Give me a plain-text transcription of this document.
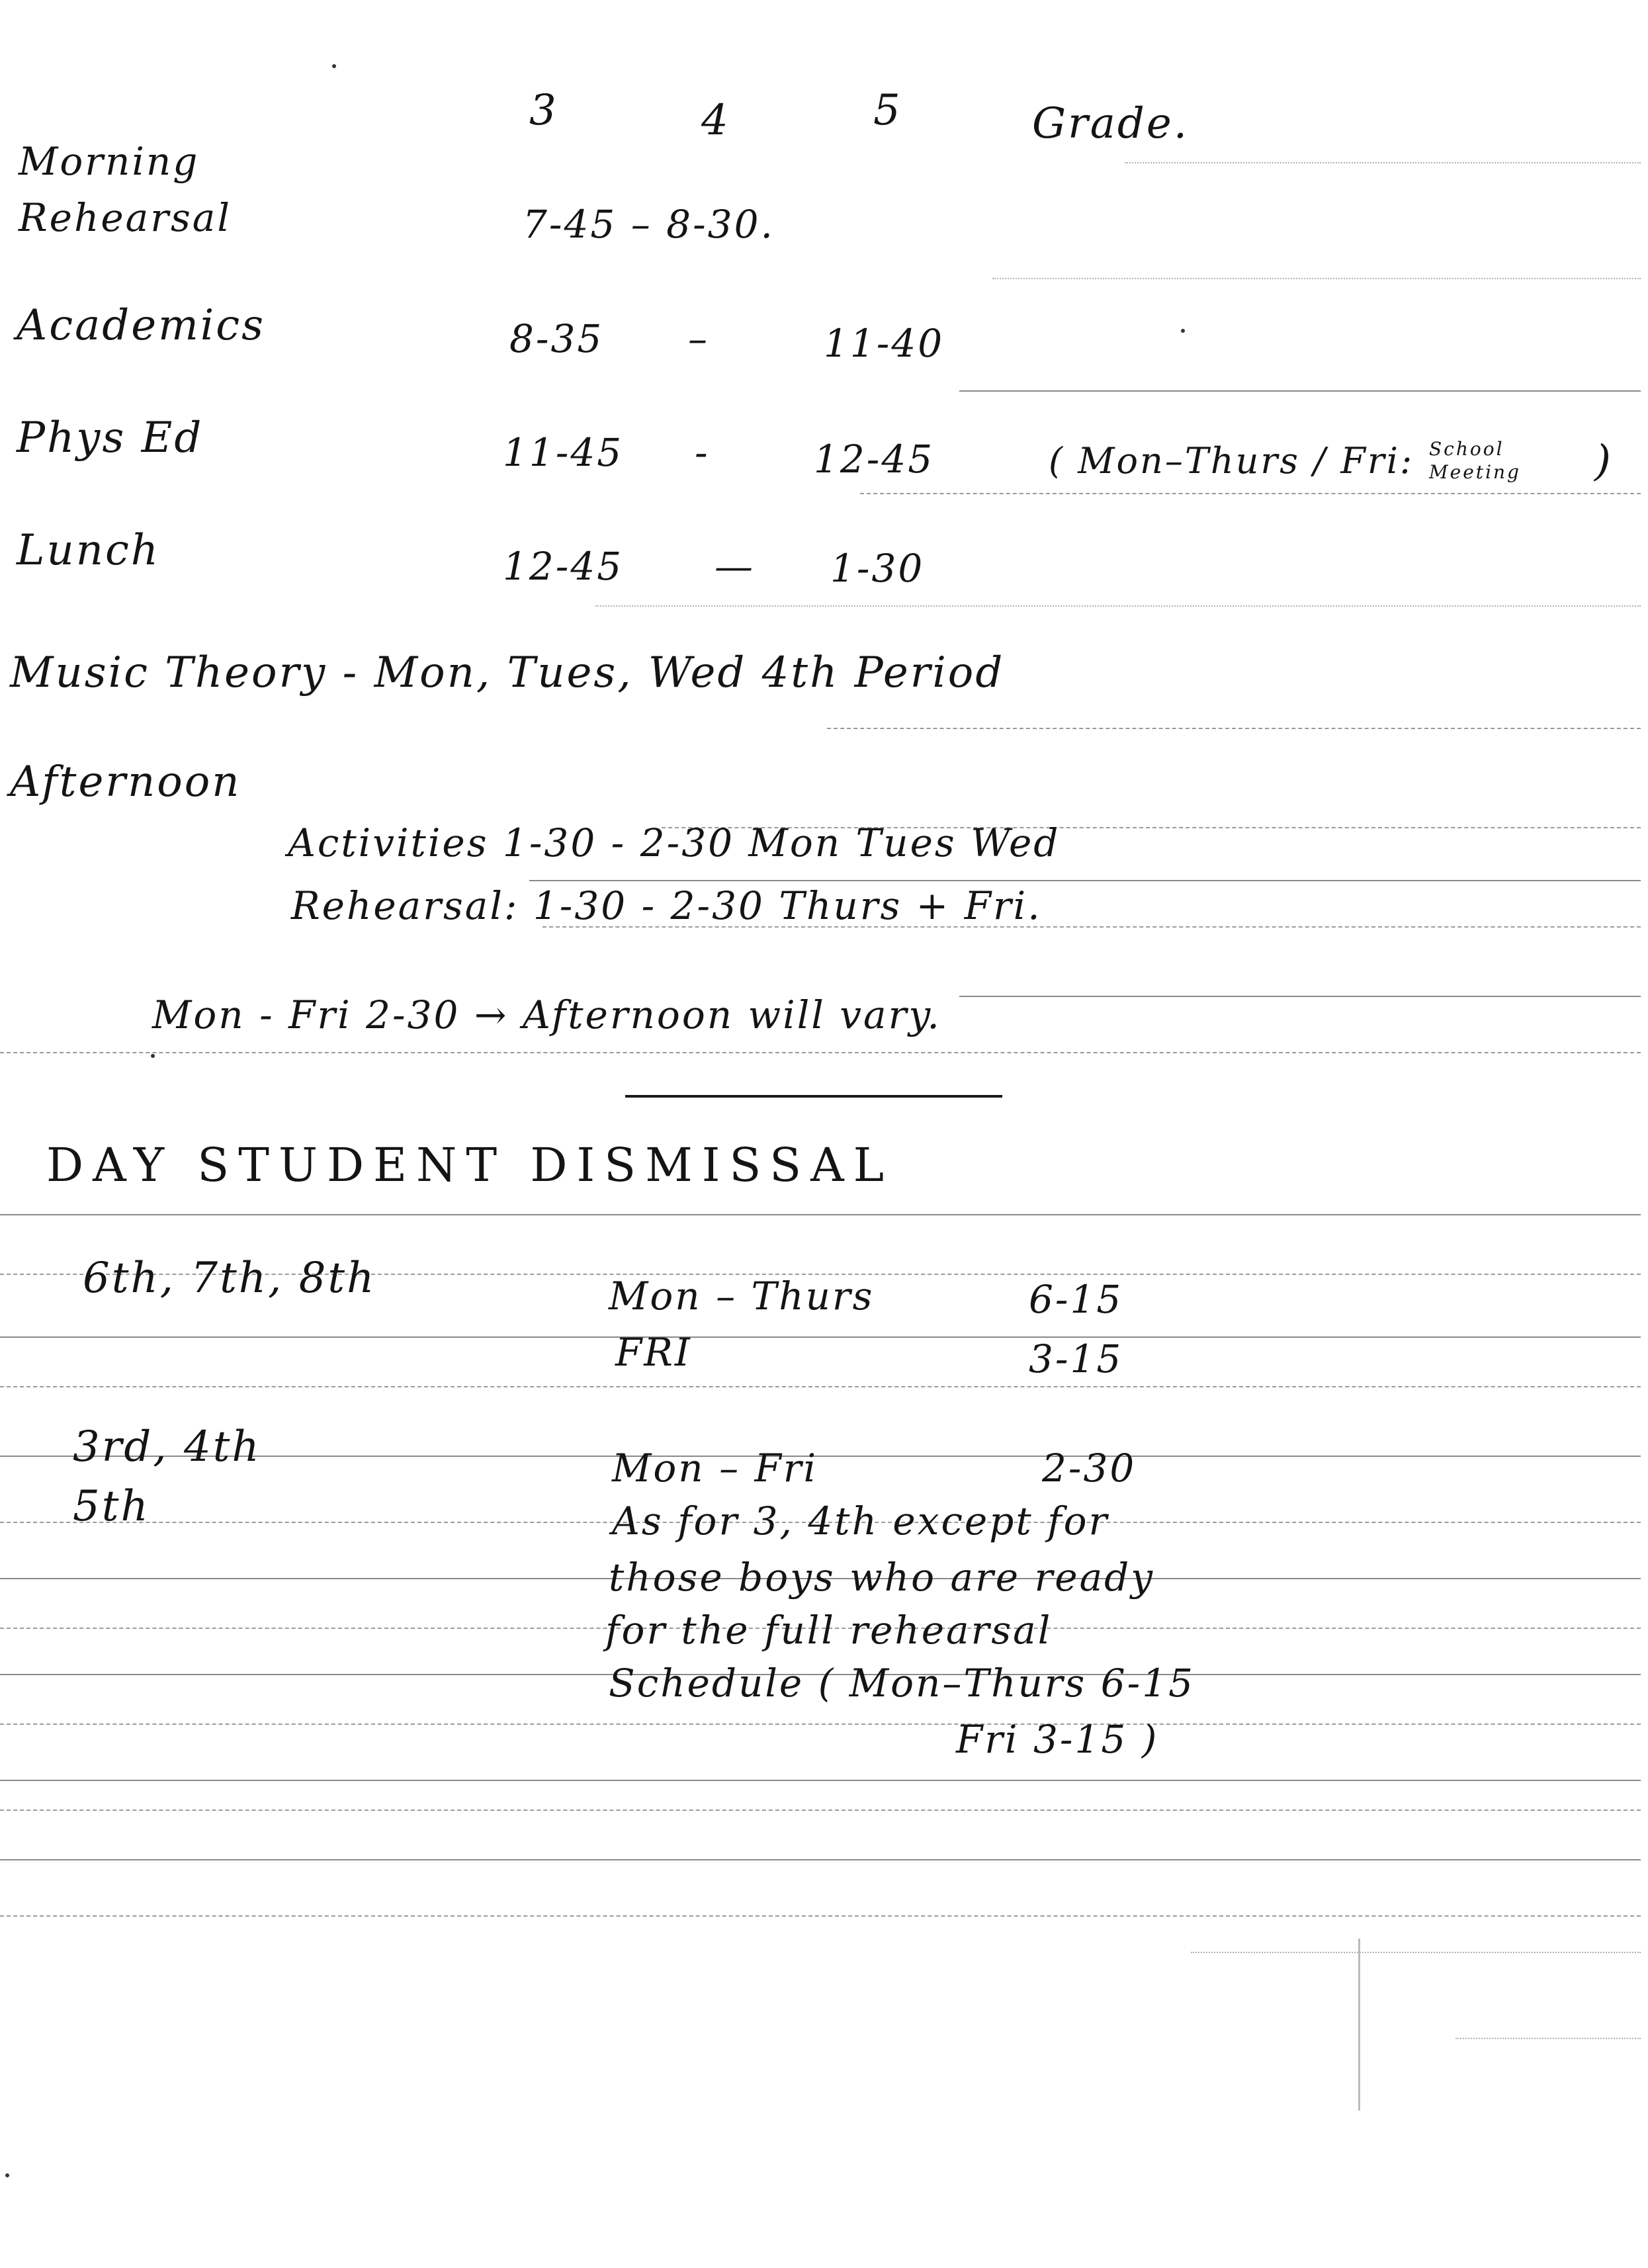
3	4	5	Grade.
Morning
Rehearsal	7-45 – 8-30.
Academics	8-35 –	11-40
Phys Ed	11-45 -	12-45	( Mon–Thurs / Fri: School
Meeting )
Lunch	12-45 — 1-30
Music Theory - Mon, Tues, Wed 4th Period
Afternoon
Activities 1-30 - 2-30 Mon Tues Wed
Rehearsal: 1-30 - 2-30 Thurs + Fri.
Mon - Fri 2-30 → Afternoon will vary.
DAY STUDENT DISMISSAL
6th, 7th, 8th	Mon – Thurs	6-15
FRI	3-15
3rd, 4th
5th
Mon – Fri	2-30
As for 3, 4th except for
those boys who are ready
for the full rehearsal
Schedule ( Mon–Thurs 6-15
Fri 3-15 )
